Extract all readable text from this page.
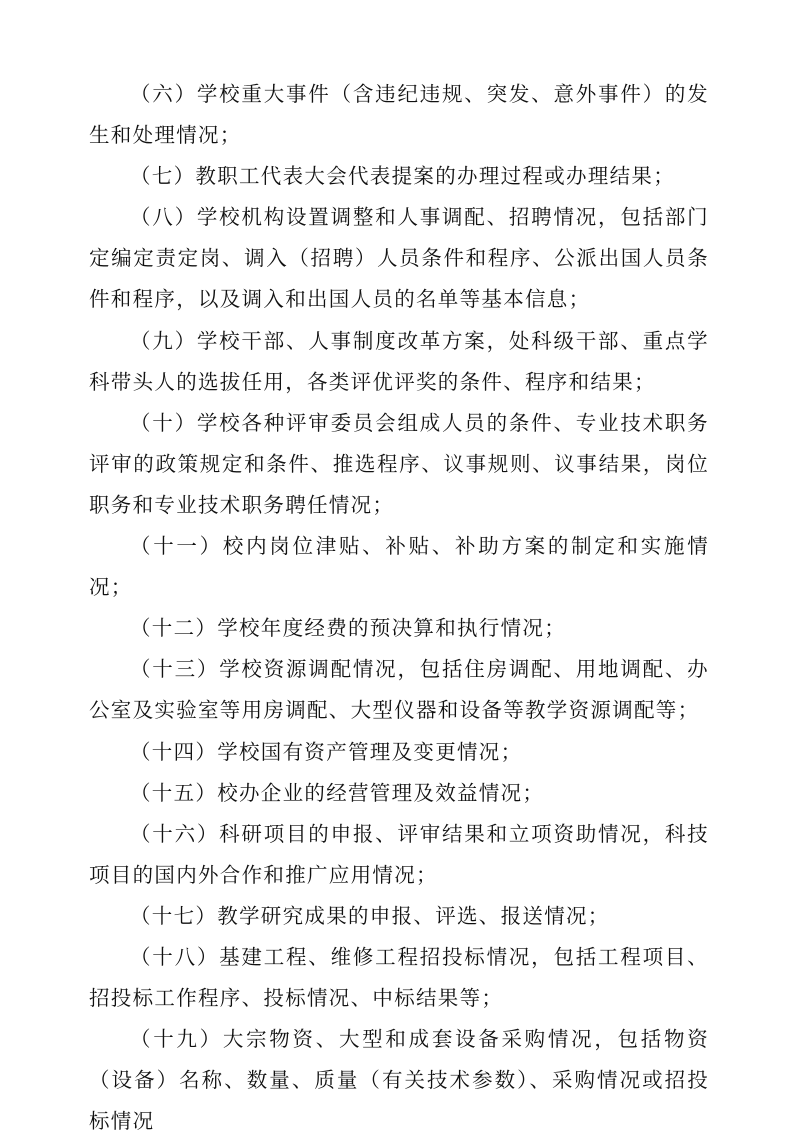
（六）学校重大事件（含违纪违规、突发、意外事件）的发生和处理情况；

（七）教职工代表大会代表提案的办理过程或办理结果；

（八）学校机构设置调整和人事调配、招聘情况，包括部门定编定责定岗、调入（招聘）人员条件和程序、公派出国人员条件和程序，以及调入和出国人员的名单等基本信息；

（九）学校干部、人事制度改革方案，处科级干部、重点学科带头人的选拔任用，各类评优评奖的条件、程序和结果；

（十）学校各种评审委员会组成人员的条件、专业技术职务评审的政策规定和条件、推选程序、议事规则、议事结果，岗位职务和专业技术职务聘任情况；

（十一）校内岗位津贴、补贴、补助方案的制定和实施情况；

（十二）学校年度经费的预决算和执行情况；

（十三）学校资源调配情况，包括住房调配、用地调配、办公室及实验室等用房调配、大型仪器和设备等教学资源调配等；

（十四）学校国有资产管理及变更情况；

（十五）校办企业的经营管理及效益情况；

（十六）科研项目的申报、评审结果和立项资助情况，科技项目的国内外合作和推广应用情况；

（十七）教学研究成果的申报、评选、报送情况；

（十八）基建工程、维修工程招投标情况，包括工程项目、招投标工作程序、投标情况、中标结果等；

（十九）大宗物资、大型和成套设备采购情况，包括物资（设备）名称、数量、质量（有关技术参数）、采购情况或招投标情况
